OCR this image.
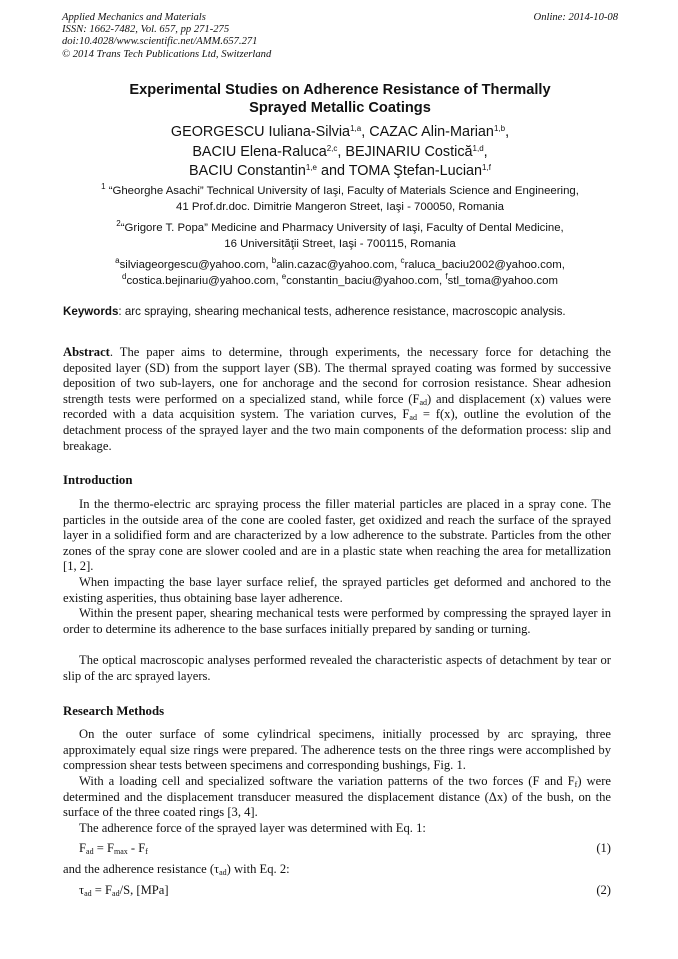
Applied Mechanics and Materials
ISSN: 1662-7482, Vol. 657, pp 271-275
doi:10.4028/www.scientific.net/AMM.657.271
© 2014 Trans Tech Publications Ltd, Switzerland
Online: 2014-10-08
Experimental Studies on Adherence Resistance of Thermally
Sprayed Metallic Coatings
GEORGESCU Iuliana-Silvia$^{1,a}$, CAZAC Alin-Marian$^{1,b}$,
BACIU Elena-Raluca$^{2,c}$, BEJINARIU Costică$^{1,d}$,
BACIU Constantin$^{1,e}$ and TOMA Ştefan-Lucian$^{1,f}$
$^1$ “Gheorghe Asachi” Technical University of Iaşi, Faculty of Materials Science and Engineering,
41 Prof.dr.doc. Dimitrie Mangeron Street, Iaşi - 700050, Romania
$^2$“Grigore T. Popa” Medicine and Pharmacy University of Iaşi, Faculty of Dental Medicine,
16 Universităţii Street, Iaşi - 700115, Romania
$^a$silviageorgescu@yahoo.com, $^b$alin.cazac@yahoo.com, $^c$raluca_baciu2002@yahoo.com,
$^d$costica.bejinariu@yahoo.com, $^e$constantin_baciu@yahoo.com, $^f$stl_toma@yahoo.com
Keywords: arc spraying, shearing mechanical tests, adherence resistance, macroscopic analysis.
Abstract. The paper aims to determine, through experiments, the necessary force for detaching the deposited layer (SD) from the support layer (SB). The thermal sprayed coating was formed by successive deposition of two sub-layers, one for anchorage and the second for corrosion resistance. Shear adhesion strength tests were performed on a specialized stand, while force $(F_{ad})$ and displacement (x) values were recorded with a data acquisition system. The variation curves, $F_{ad} = f(x)$, outline the evolution of the detachment process of the sprayed layer and the two main components of the deformation process: slip and breakage.
Introduction
In the thermo-electric arc spraying process the filler material particles are placed in a spray cone. The particles in the outside area of the cone are cooled faster, get oxidized and reach the surface of the sprayed layer in a solidified form and are characterized by a low adherence to the substrate. Particles from the other zones of the spray cone are slower cooled and are in a plastic state when reaching the area for metallization [1, 2].
When impacting the base layer surface relief, the sprayed particles get deformed and anchored to the existing asperities, thus obtaining base layer adherence.
Within the present paper, shearing mechanical tests were performed by compressing the sprayed layer in order to determine its adherence to the base surfaces initially prepared by sanding or turning.
The optical macroscopic analyses performed revealed the characteristic aspects of detachment by tear or slip of the arc sprayed layers.
Research Methods
On the outer surface of some cylindrical specimens, initially processed by arc spraying, three approximately equal size rings were prepared. The adherence tests on the three rings were accomplished by compression shear tests between specimens and corresponding bushings, Fig. 1.
With a loading cell and specialized software the variation patterns of the two forces (F and $F_f$) were determined and the displacement transducer measured the displacement distance (Δx) of the bush, on the surface of the three coated rings [3, 4].
The adherence force of the sprayed layer was determined with Eq. 1:
$F_{ad} = F_{max} - F_f$	(1)
and the adherence resistance $(\tau_{ad})$ with Eq. 2:
$\tau_{ad} = F_{ad}/S$, [MPa]	(2)
